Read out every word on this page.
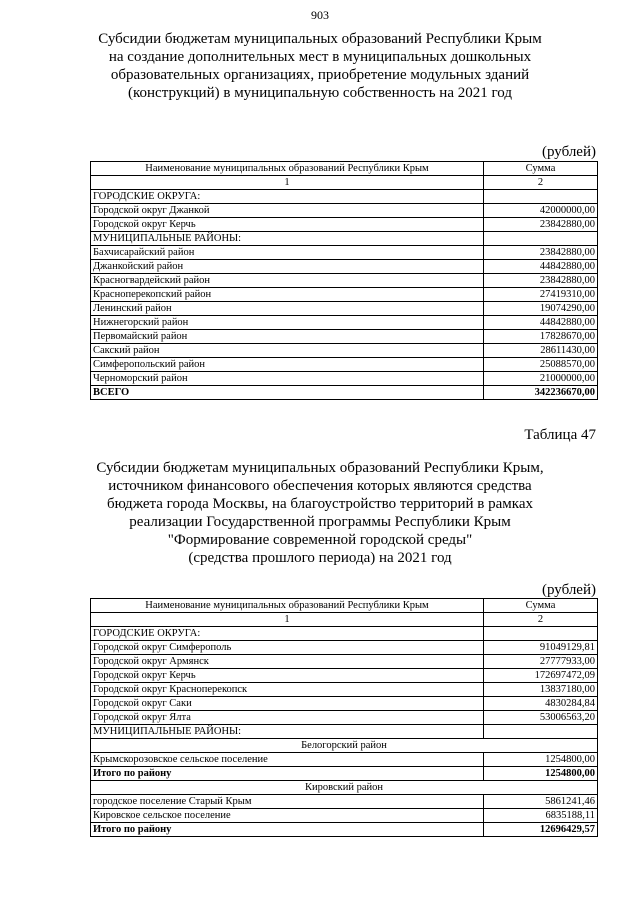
903
Субсидии бюджетам муниципальных образований Республики Крым
на создание дополнительных мест в муниципальных дошкольных
образовательных организациях, приобретение модульных зданий
(конструкций) в муниципальную собственность на 2021 год
(рублей)
Наименование муниципальных образований Республики Крым	Сумма
1	2
ГОРОДСКИЕ ОКРУГА:	
Городской округ Джанкой	42000000,00
Городской округ Керчь	23842880,00
МУНИЦИПАЛЬНЫЕ РАЙОНЫ:	
Бахчисарайский район	23842880,00
Джанкойский район	44842880,00
Красногвардейский район	23842880,00
Красноперекопский район	27419310,00
Ленинский район	19074290,00
Нижнегорский район	44842880,00
Первомайский район	17828670,00
Сакский район	28611430,00
Симферопольский район	25088570,00
Черноморский район	21000000,00
ВСЕГО	342236670,00
Таблица 47
Субсидии бюджетам муниципальных образований Республики Крым,
источником финансового обеспечения которых являются средства
бюджета города Москвы, на благоустройство территорий в рамках
реализации Государственной программы Республики Крым
"Формирование современной городской среды"
(средства прошлого периода) на 2021 год
(рублей)
Наименование муниципальных образований Республики Крым	Сумма
1	2
ГОРОДСКИЕ ОКРУГА:	
Городской округ Симферополь	91049129,81
Городской округ Армянск	27777933,00
Городской округ Керчь	172697472,09
Городской округ Красноперекопск	13837180,00
Городской округ Саки	4830284,84
Городской округ Ялта	53006563,20
МУНИЦИПАЛЬНЫЕ РАЙОНЫ:	
Белогорский район	
Крымскорозовское сельское поселение	1254800,00
Итого по району	1254800,00
Кировский район	
городское поселение Старый Крым	5861241,46
Кировское сельское поселение	6835188,11
Итого по району	12696429,57
